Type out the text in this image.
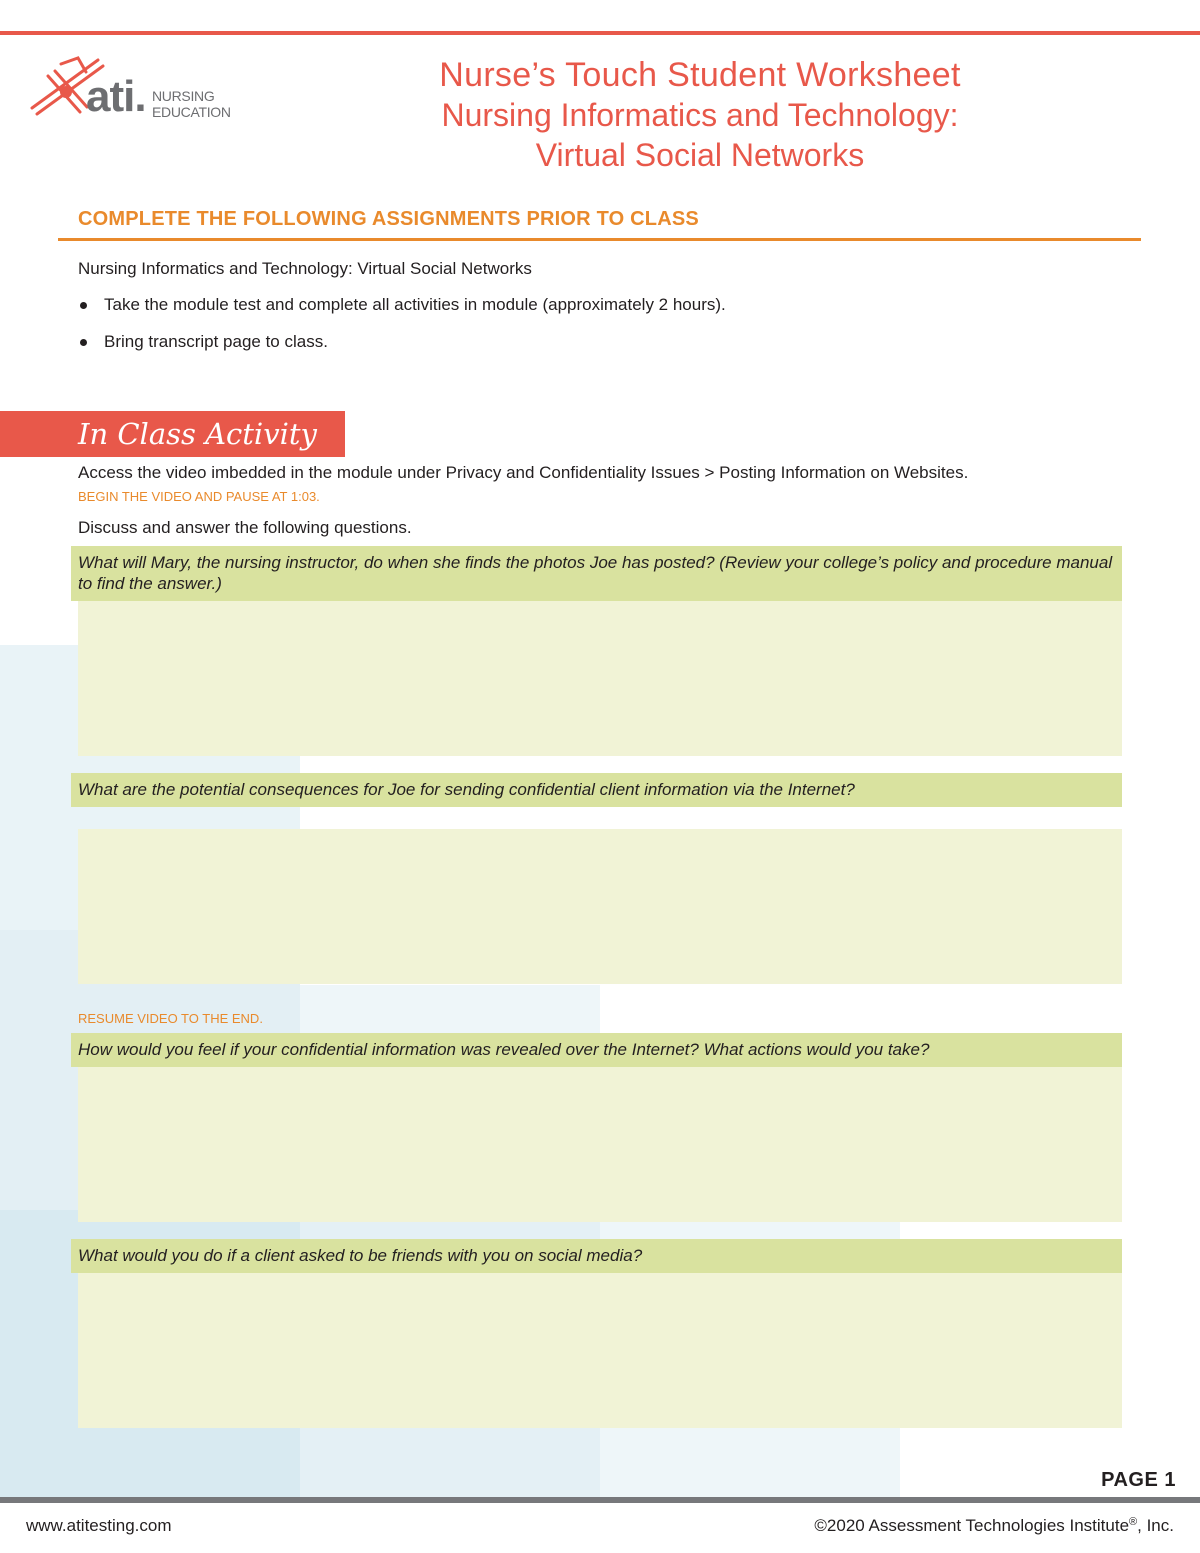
ati. NURSING
EDUCATION
Nurse’s Touch Student Worksheet
Nursing Informatics and Technology:
Virtual Social Networks
COMPLETE THE FOLLOWING ASSIGNMENTS PRIOR TO CLASS
Nursing Informatics and Technology: Virtual Social Networks
Take the module test and complete all activities in module (approximately 2 hours).
Bring transcript page to class.
In Class Activity
Access the video imbedded in the module under Privacy and Confidentiality Issues > Posting Information on Websites.
BEGIN THE VIDEO AND PAUSE AT 1:03.
Discuss and answer the following questions.
What will Mary, the nursing instructor, do when she finds the photos Joe has posted? (Review your college’s policy and procedure manual to find the answer.)
What are the potential consequences for Joe for sending confidential client information via the Internet?
RESUME VIDEO TO THE END.
How would you feel if your confidential information was revealed over the Internet? What actions would you take?
What would you do if a client asked to be friends with you on social media?
PAGE 1
www.atitesting.com	©2020 Assessment Technologies Institute®, Inc.
